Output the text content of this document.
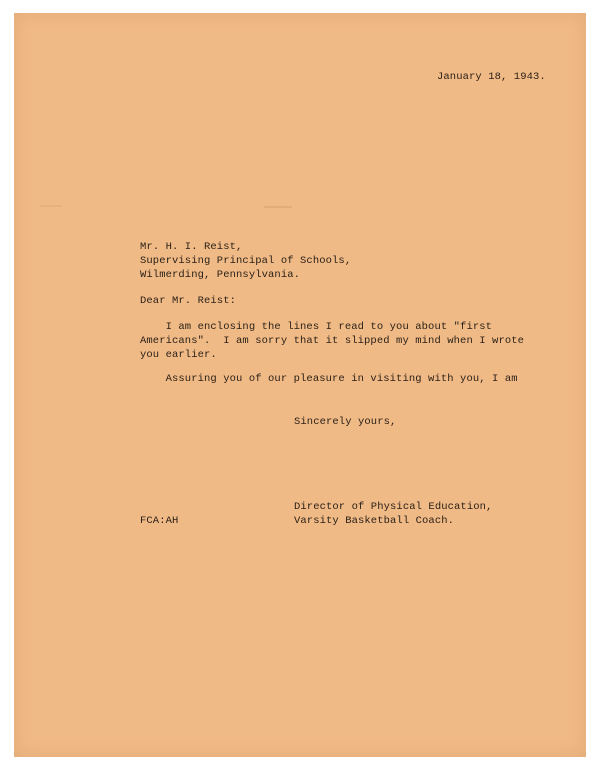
January 18, 1943.
Mr. H. I. Reist,
Supervising Principal of Schools,
Wilmerding, Pennsylvania.
Dear Mr. Reist:
I am enclosing the lines I read to you about "first
Americans".  I am sorry that it slipped my mind when I wrote
you earlier.
Assuring you of our pleasure in visiting with you, I am
Sincerely yours,
Director of Physical Education,
Varsity Basketball Coach.
FCA:AH
